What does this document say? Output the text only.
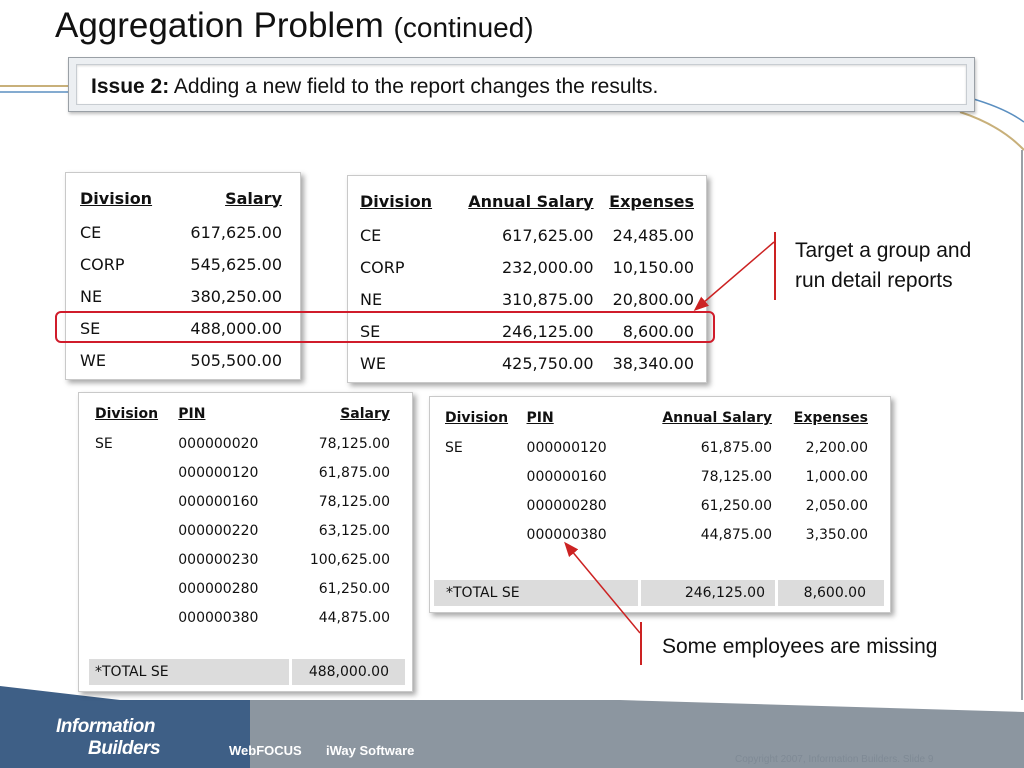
Aggregation Problem (continued)
Issue 2: Adding a new field to the report changes the results.
Division	Salary
CE	617,625.00
CORP	545,625.00
NE	380,250.00
SE	488,000.00
WE	505,500.00
Division	Annual Salary	Expenses
CE	617,625.00	24,485.00
CORP	232,000.00	10,150.00
NE	310,875.00	20,800.00
SE	246,125.00	8,600.00
WE	425,750.00	38,340.00
Division	PIN	Salary
SE	000000020	78,125.00
	000000120	61,875.00
	000000160	78,125.00
	000000220	63,125.00
	000000230	100,625.00
	000000280	61,250.00
	000000380	44,875.00
*TOTAL SE	488,000.00
Division	PIN	Annual Salary	Expenses
SE	000000120	61,875.00	2,200.00
	000000160	78,125.00	1,000.00
	000000280	61,250.00	2,050.00
	000000380	44,875.00	3,350.00
*TOTAL SE	246,125.00	8,600.00
Target a group and
run detail reports
Some employees are missing
Information
Builders	WebFOCUS iWay Software
Copyright 2007, Information Builders. Slide 9
